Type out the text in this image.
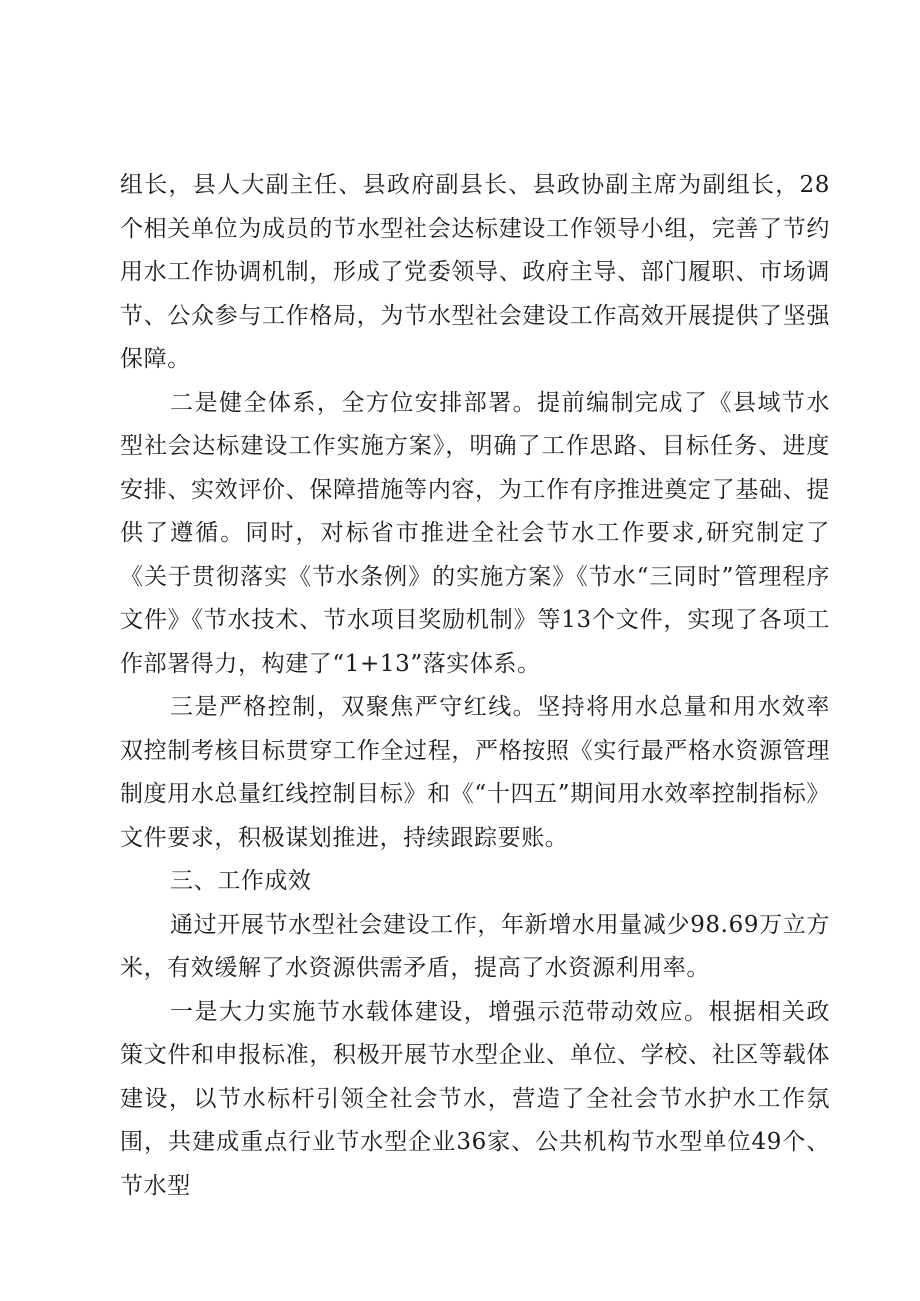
组长，县人大副主任、县政府副县长、县政协副主席为副组长，28个相关单位为成员的节水型社会达标建设工作领导小组，完善了节约用水工作协调机制，形成了党委领导、政府主导、部门履职、市场调节、公众参与工作格局，为节水型社会建设工作高效开展提供了坚强保障。

二是健全体系，全方位安排部署。提前编制完成了《县域节水型社会达标建设工作实施方案》，明确了工作思路、目标任务、进度安排、实效评价、保障措施等内容，为工作有序推进奠定了基础、提供了遵循。同时，对标省市推进全社会节水工作要求,研究制定了《关于贯彻落实《节水条例》的实施方案》《节水“三同时”管理程序文件》《节水技术、节水项目奖励机制》等13个文件，实现了各项工作部署得力，构建了“1+13”落实体系。

三是严格控制，双聚焦严守红线。坚持将用水总量和用水效率双控制考核目标贯穿工作全过程，严格按照《实行最严格水资源管理制度用水总量红线控制目标》和《“十四五”期间用水效率控制指标》文件要求，积极谋划推进，持续跟踪要账。

三、工作成效

通过开展节水型社会建设工作，年新增水用量减少98.69万立方米，有效缓解了水资源供需矛盾，提高了水资源利用率。

一是大力实施节水载体建设，增强示范带动效应。根据相关政策文件和申报标准，积极开展节水型企业、单位、学校、社区等载体建设，以节水标杆引领全社会节水，营造了全社会节水护水工作氛围，共建成重点行业节水型企业36家、公共机构节水型单位49个、节水型
